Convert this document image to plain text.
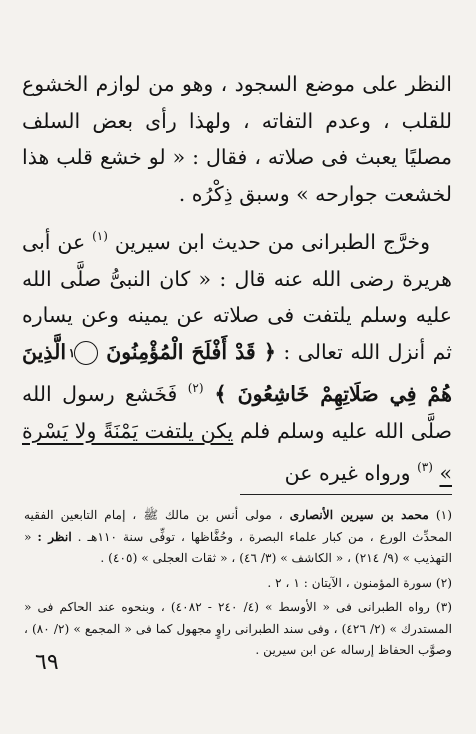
النظر على موضع السجود ، وهو من لوازم الخشوع للقلب ، وعدم التفاته ، ولهذا رأى بعض السلف مصليًا يعبث فى صلاته ، فقال : « لو خشع قلب هذا لخشعت جوارحه » وسبق ذِكْرُه .

وخرَّج الطبرانى من حديث ابن سيرين $^{(١)}$ عن أبى هريرة رضى الله عنه قال : « كان النبىُّ صلَّى الله عليه وسلم يلتفت فى صلاته عن يمينه وعن يساره ثم أنزل الله تعالى : ﴿ قَدْ أَفْلَحَ الْمُؤْمِنُونَ ١ الَّذِينَ هُمْ فِي صَلَاتِهِمْ خَاشِعُونَ ﴾ $^{(٢)}$ فَخَشع رسول الله صلَّى الله عليه وسلم فلم يكن يلتفت يَمْنَةً ولا يَسْرة » $^{(٣)}$ ورواه غيره عن

(١) محمد بن سيرين الأنصارى ، مولى أنس بن مالك ﷺ ، إمام التابعين الفقيه المحدِّث الورع ، من كبار علماء البصرة ، وحُفَّاظها ، توفِّى سنة ١١٠هـ . انظر : « التهذيب » (٩/ ٢١٤) ، « الكاشف » (٣/ ٤٦) ، « ثقات العجلى » (٤٠٥) .

(٢) سورة المؤمنون ، الآيتان : ١ ، ٢ .

(٣) رواه الطبرانى فى « الأوسط » (٤/ ٢٤٠ - ٤٠٨٢) ، وبنحوه عند الحاكم فى « المستدرك » (٢/ ٤٢٦) ، وفى سند الطبرانى راوٍ مجهول كما فى « المجمع » (٢/ ٨٠) ، وصوَّب الحفاظ إرساله عن ابن سيرين .

٦٩
